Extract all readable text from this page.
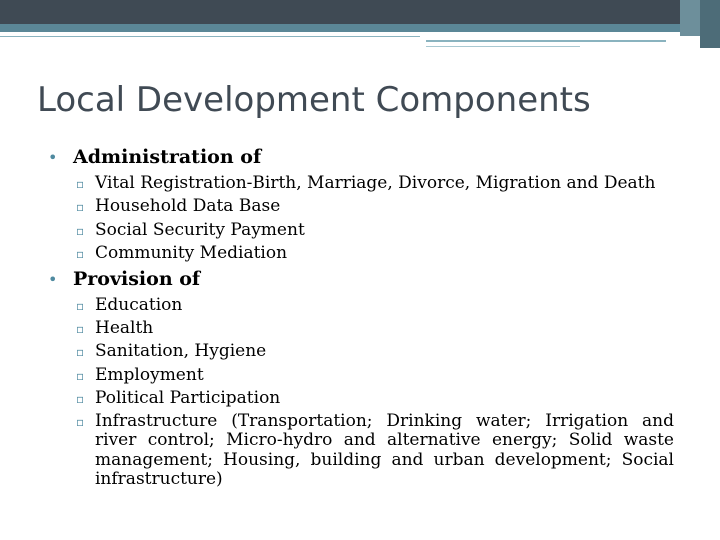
Local Development Components
• Administration of
▫ Vital Registration-Birth, Marriage, Divorce, Migration and Death
▫ Household Data Base
▫ Social Security Payment
▫ Community Mediation
• Provision of
▫ Education
▫ Health
▫ Sanitation, Hygiene
▫ Employment
▫ Political Participation
▫ Infrastructure (Transportation; Drinking water; Irrigation and river control; Micro-hydro and alternative energy; Solid waste management; Housing, building and urban development; Social infrastructure)
